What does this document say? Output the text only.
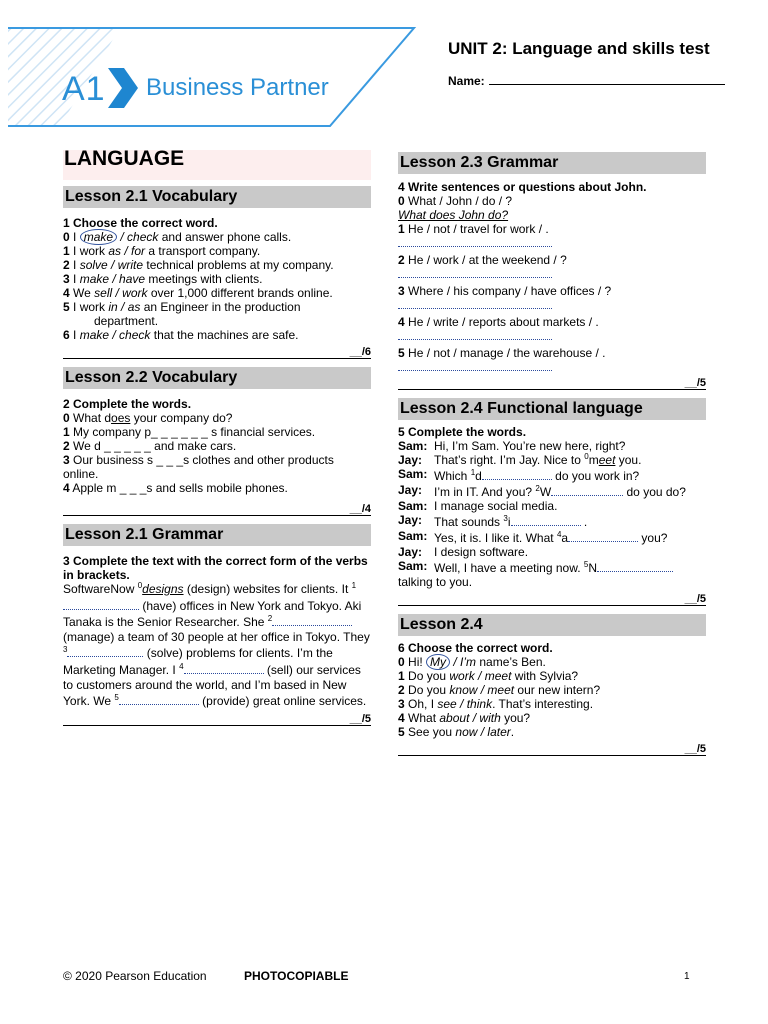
A1 Business Partner
UNIT 2: Language and skills test
Name:
LANGUAGE
Lesson 2.1 Vocabulary
1 Choose the correct word.
0 I make / check and answer phone calls.
1 I work as / for a transport company.
2 I solve / write technical problems at my company.
3 I make / have meetings with clients.
4 We sell / work over 1,000 different brands online.
5 I work in / as an Engineer in the production
department.
6 I make / check that the machines are safe.
__/6
Lesson 2.2 Vocabulary
2 Complete the words.
0 What does your company do?
1 My company p_ _ _ _ _ _ s financial services.
2 We d _ _ _ _ _ and make cars.
3 Our business s _ _ _s clothes and other products online.
4 Apple m _ _ _s and sells mobile phones.
__/4
Lesson 2.1 Grammar
3 Complete the text with the correct form of the verbs in brackets.
SoftwareNow $^0$designs (design) websites for clients. It $^1$ (have) offices in New York and Tokyo. Aki Tanaka is the Senior Researcher. She $^2$ (manage) a team of 30 people at her office in Tokyo. They $^3$	(solve) problems for clients. I’m the Marketing Manager. I $^4$	(sell) our services to customers around the world, and I’m based in New York. We $^5$	(provide) great online services.
__/5
Lesson 2.3 Grammar
4 Write sentences or questions about John.
0 What / John / do / ?
What does John do?
1 He / not / travel for work / .
2 He / work / at the weekend / ?
3 Where / his company / have offices / ?
4 He / write / reports about markets / .
5 He / not / manage / the warehouse / .
__/5
Lesson 2.4 Functional language
5 Complete the words.
Sam: Hi, I’m Sam. You’re new here, right?
Jay: That’s right. I’m Jay. Nice to $^0$meet you.
Sam: Which $^1$d	do you work in?
Jay: I’m in IT. And you? $^2$W	do you do?
Sam: I manage social media.
Jay: That sounds $^3$i	.
Sam: Yes, it is. I like it. What $^4$a	you?
Jay: I design software.
Sam: Well, I have a meeting now. $^5$N
talking to you.
__/5
Lesson 2.4
6 Choose the correct word.
0 Hi! My / I’m name’s Ben.
1 Do you work / meet with Sylvia?
2 Do you know / meet our new intern?
3 Oh, I see / think. That’s interesting.
4 What about / with you?
5 See you now / later.
__/5
© 2020 Pearson Education	PHOTOCOPIABLE	1
